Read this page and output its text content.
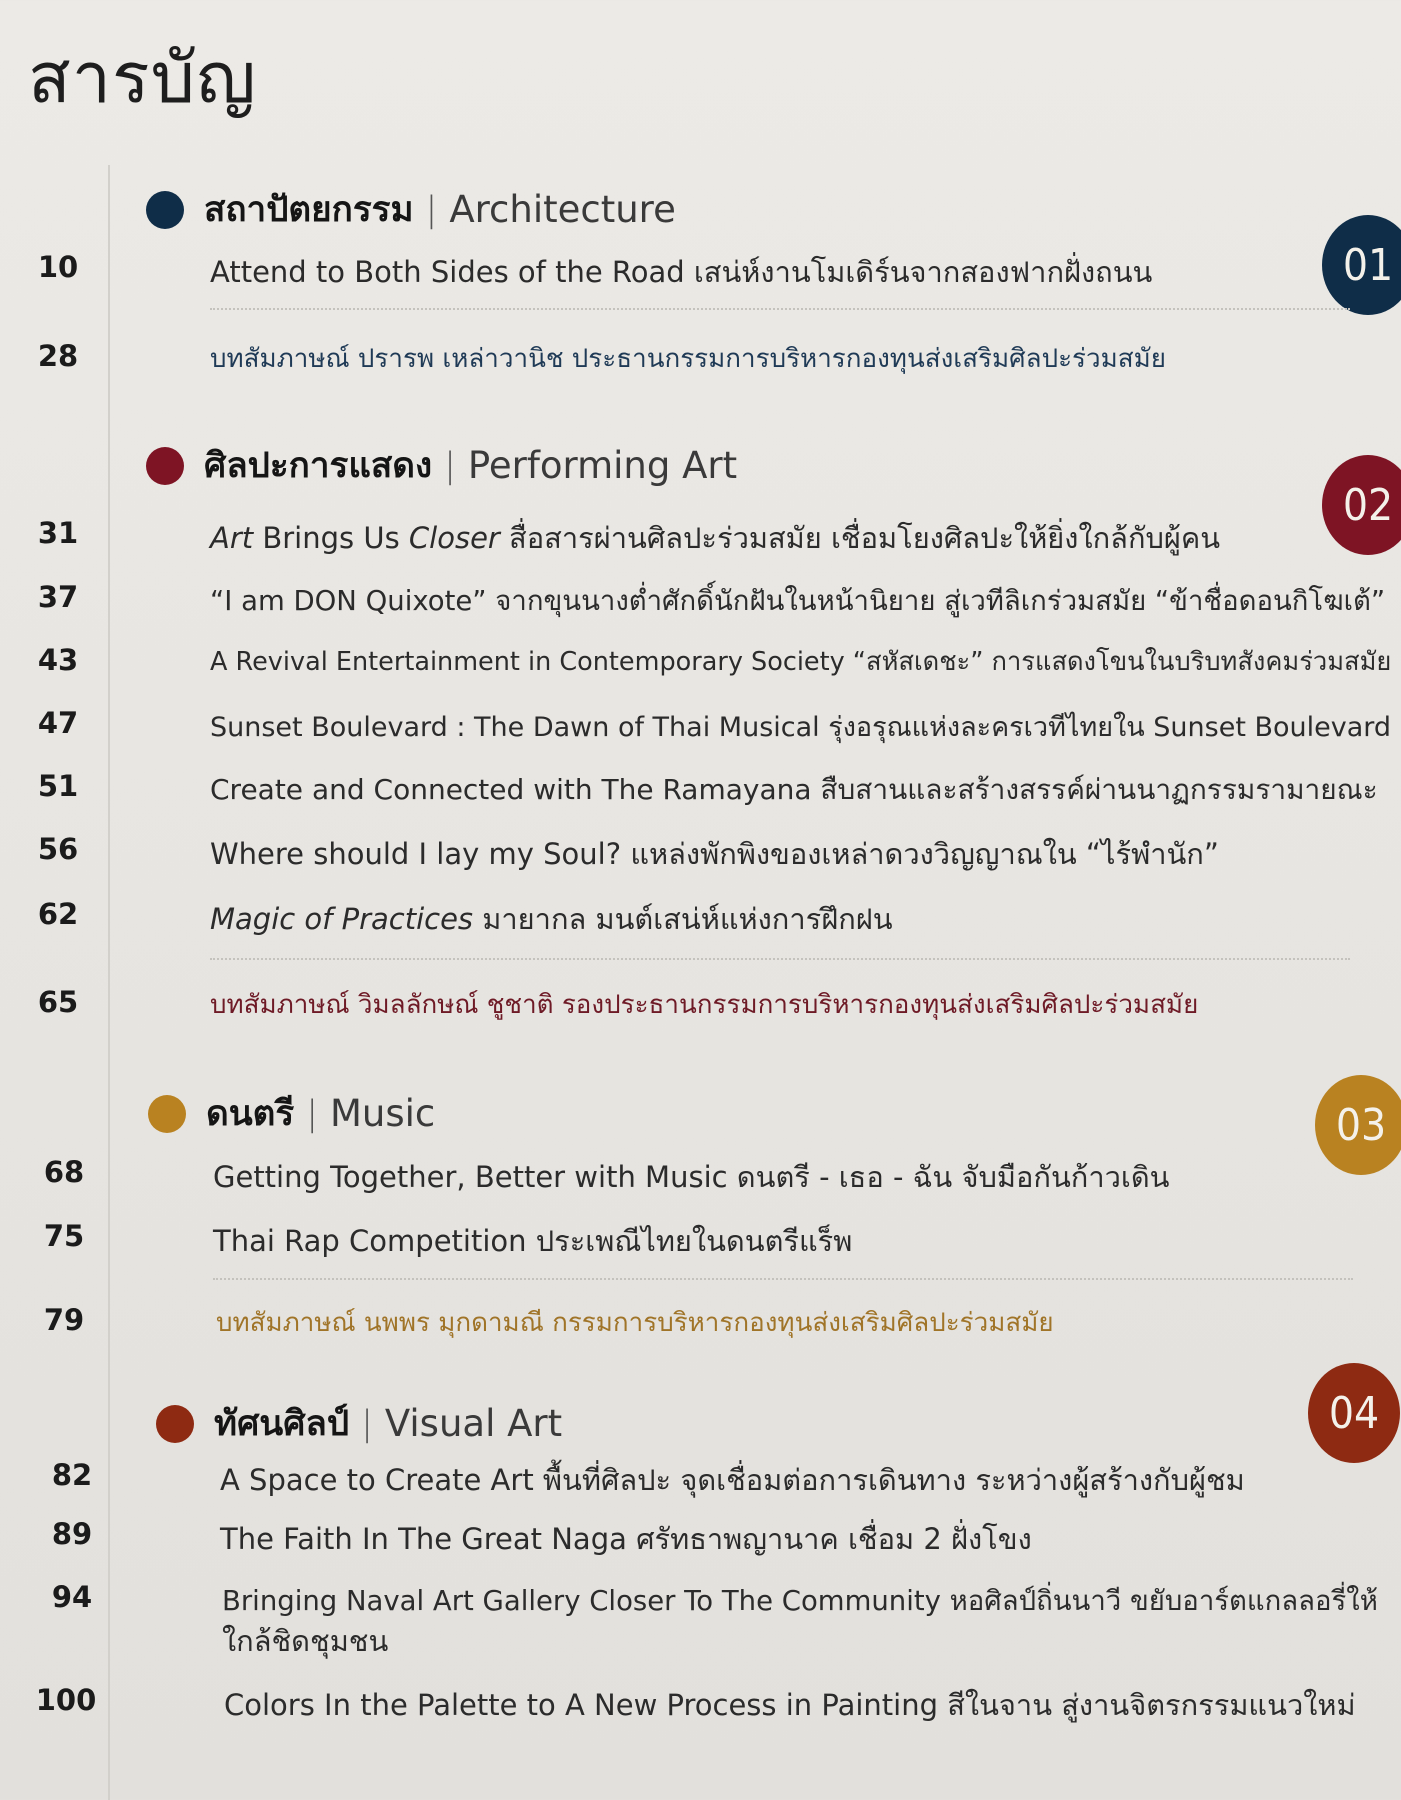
สารบัญ
สถาปัตยกรรม | Architecture
01
10	Attend to Both Sides of the Road เสน่ห์งานโมเดิร์นจากสองฟากฝั่งถนน
28	บทสัมภาษณ์ ปรารพ เหล่าวานิช ประธานกรรมการบริหารกองทุนส่งเสริมศิลปะร่วมสมัย
ศิลปะการแสดง | Performing Art
02
31	Art Brings Us Closer สื่อสารผ่านศิลปะร่วมสมัย เชื่อมโยงศิลปะให้ยิ่งใกล้กับผู้คน
37	“I am DON Quixote” จากขุนนางต่ำศักดิ์นักฝันในหน้านิยาย สู่เวทีลิเกร่วมสมัย “ข้าชื่อดอนกิโฆเต้”
43	A Revival Entertainment in Contemporary Society “สหัสเดชะ” การแสดงโขนในบริบทสังคมร่วมสมัย
47	Sunset Boulevard : The Dawn of Thai Musical รุ่งอรุณแห่งละครเวทีไทยใน Sunset Boulevard
51	Create and Connected with The Ramayana สืบสานและสร้างสรรค์ผ่านนาฏกรรมรามายณะ
56	Where should I lay my Soul? แหล่งพักพิงของเหล่าดวงวิญญาณใน “ไร้พำนัก”
62	Magic of Practices มายากล มนต์เสน่ห์แห่งการฝึกฝน
65	บทสัมภาษณ์ วิมลลักษณ์ ชูชาติ รองประธานกรรมการบริหารกองทุนส่งเสริมศิลปะร่วมสมัย
ดนตรี | Music	03
68	Getting Together, Better with Music ดนตรี - เธอ - ฉัน จับมือกันก้าวเดิน
75	Thai Rap Competition ประเพณีไทยในดนตรีแร็พ
79	บทสัมภาษณ์ นพพร มุกดามณี กรรมการบริหารกองทุนส่งเสริมศิลปะร่วมสมัย
ทัศนศิลป์ | Visual Art	04
82	A Space to Create Art พื้นที่ศิลปะ จุดเชื่อมต่อการเดินทาง ระหว่างผู้สร้างกับผู้ชม
89	The Faith In The Great Naga ศรัทธาพญานาค เชื่อม 2 ฝั่งโขง
94	Bringing Naval Art Gallery Closer To The Community หอศิลป์ถิ่นนาวี ขยับอาร์ตแกลลอรี่ให้
ใกล้ชิดชุมชน
100	Colors In the Palette to A New Process in Painting สีในจาน สู่งานจิตรกรรมแนวใหม่
